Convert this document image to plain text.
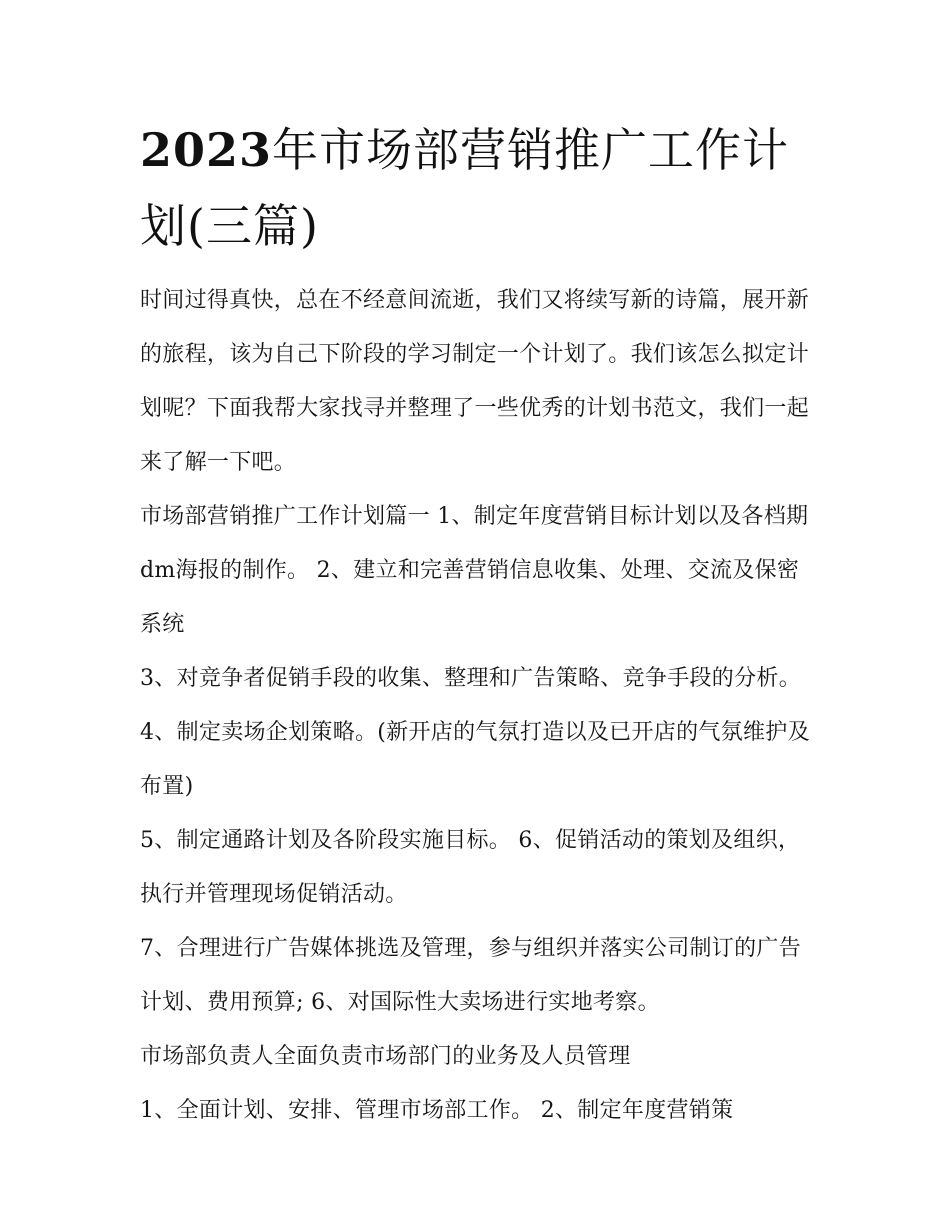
2023年市场部营销推广工作计划(三篇)

时间过得真快，总在不经意间流逝，我们又将续写新的诗篇，展开新的旅程，该为自己下阶段的学习制定一个计划了。我们该怎么拟定计划呢？下面我帮大家找寻并整理了一些优秀的计划书范文，我们一起来了解一下吧。

市场部营销推广工作计划篇一 1、制定年度营销目标计划以及各档期dm海报的制作。 2、建立和完善营销信息收集、处理、交流及保密系统

3、对竞争者促销手段的收集、整理和广告策略、竞争手段的分析。 4、制定卖场企划策略。(新开店的气氛打造以及已开店的气氛维护及布置)

5、制定通路计划及各阶段实施目标。 6、促销活动的策划及组织，执行并管理现场促销活动。

7、合理进行广告媒体挑选及管理，参与组织并落实公司制订的广告计划、费用预算; 6、对国际性大卖场进行实地考察。

市场部负责人全面负责市场部门的业务及人员管理

1、全面计划、安排、管理市场部工作。 2、制定年度营销策
